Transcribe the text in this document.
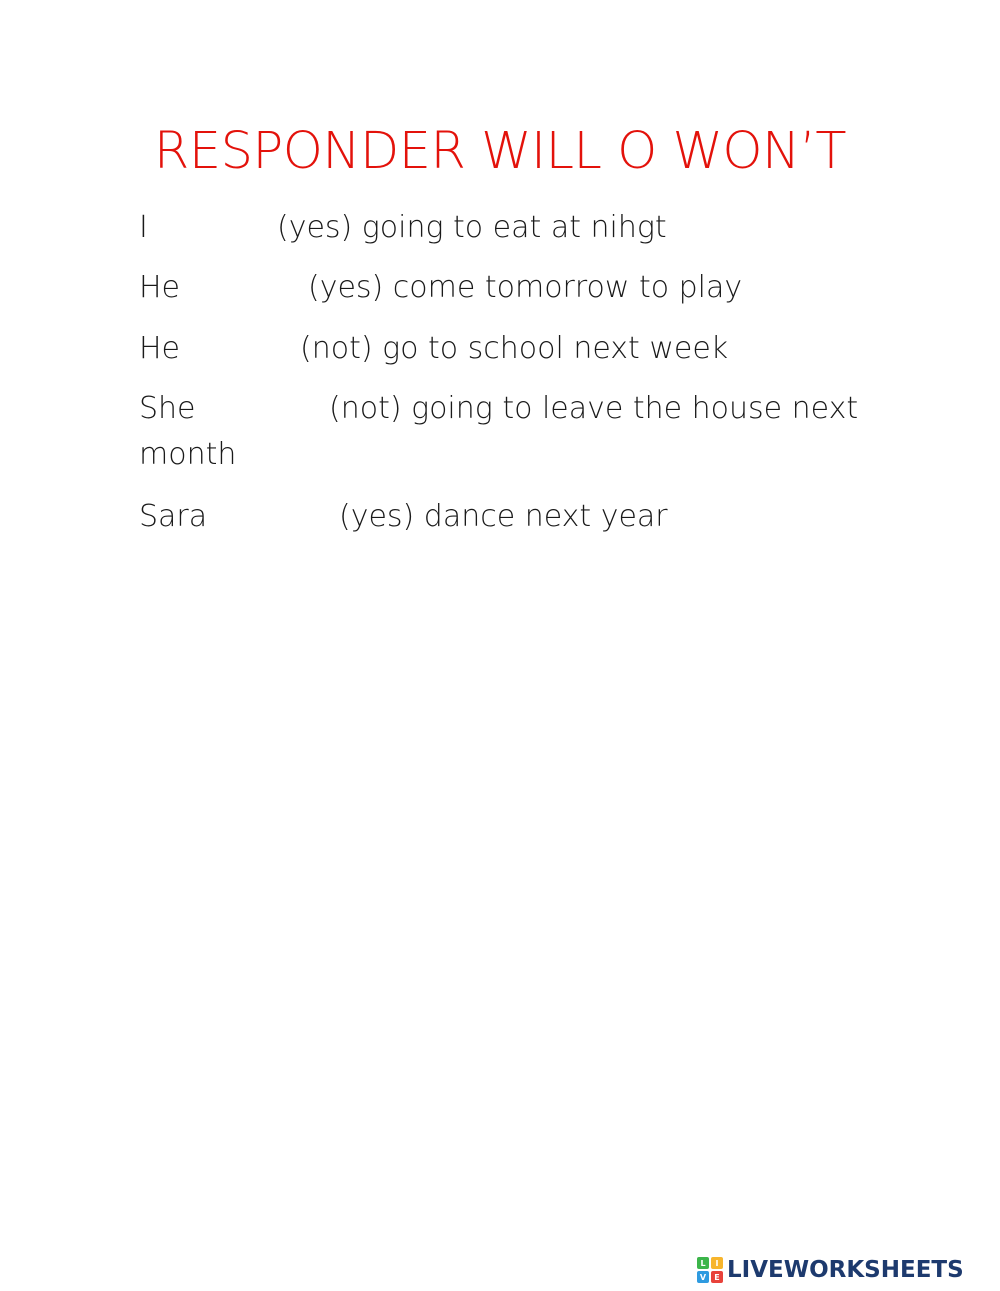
RESPONDER WILL O WON’T
I	(yes) going to eat at nihgt
He	(yes) come tomorrow to play
He	(not) go to school next week
She	(not) going to leave the house next month
Sara	(yes) dance next year
L	I
V	E LIVEWORKSHEETS
